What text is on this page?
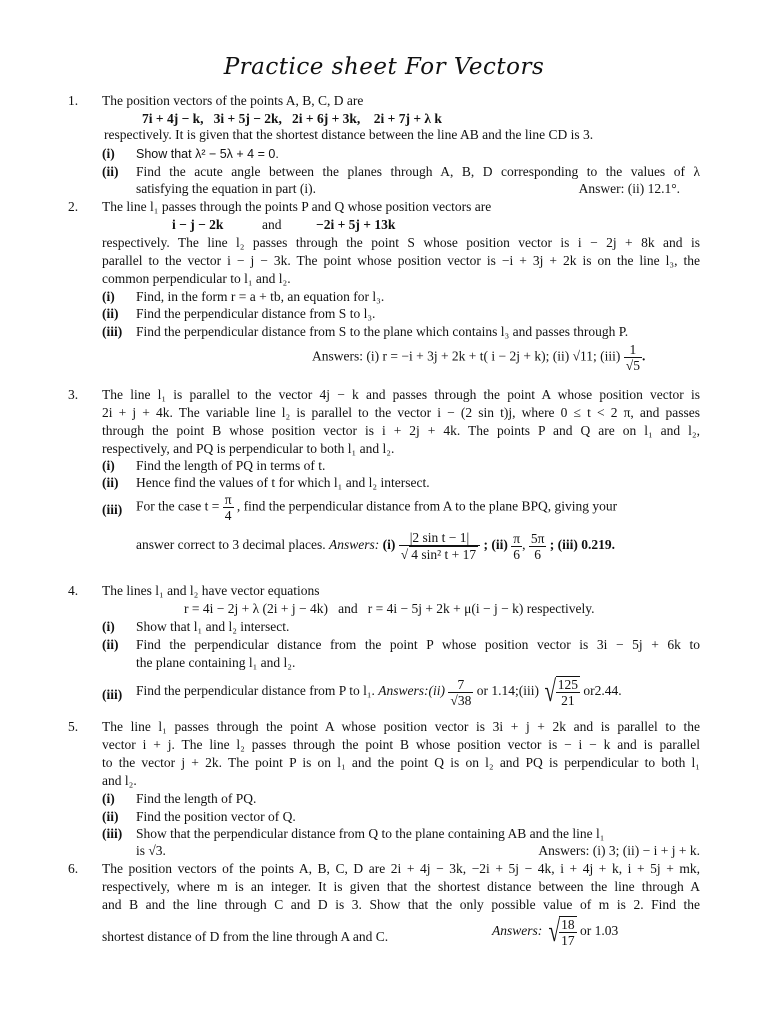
Practice sheet For Vectors
1. The position vectors of the points A, B, C, D are
7i + 4j − k,   3i + 5j − 2k,   2i + 6j + 3k,    2i + 7j + λ k
respectively. It is given that the shortest distance between the line AB and the line CD is 3.
(i) Show that λ² − 5λ + 4 = 0.
(ii) Find the acute angle between the planes through A, B, D corresponding to the values of λ
satisfying the equation in part (i).	Answer: (ii) 12.1°.
2. The line l₁ passes through the points P and Q whose position vectors are
i − j − 2k	and	−2i + 5j + 13k
respectively. The line l₂ passes through the point S whose position vector is i − 2j + 8k and is
parallel to the vector i − j − 3k. The point whose position vector is −i + 3j + 2k is on the line l₃, the
common perpendicular to l₁ and l₂.
(i) Find, in the form r = a + tb, an equation for l₃.
(ii) Find the perpendicular distance from S to l₃.
(iii) Find the perpendicular distance from S to the plane which contains l₃ and passes through P.
Answers: (i) r = −i + 3j + 2k + t( i − 2j + k); (ii) √11; $(iii) \frac{1}{√5}$ .
3. The line l₁ is parallel to the vector 4j − k and passes through the point A whose position vector is
2i + j + 4k. The variable line l₂ is parallel to the vector i − (2 sin t)j, where 0 ≤ t < 2 π, and passes
through the point B whose position vector is i + 2j + 4k. The points P and Q are on l₁ and l₂,
respectively, and PQ is perpendicular to both l₁ and l₂.
(i) Find the length of PQ in terms of t.
(ii) Hence find the values of t for which l₁ and l₂ intersect.
(iii) For the case $t = \frac{\pi}{4}$ , find the perpendicular distance from A to the plane BPQ, giving your
answer correct to 3 decimal places. Answers: $(i) \frac{\text{|2 sin t − 1|}}{\text{√ 4 sin² t + 17}}$ ; $(ii) \frac{\pi}{6}$ , $\frac{5\pi}{6}$ ; (iii) 0.219.
4. The lines l₁ and l₂ have vector equations
r = 4i − 2j + λ (2i + j − 4k)   and   r = 4i − 5j + 2k + μ(i − j − k) respectively.
(i) Show that l₁ and l₂ intersect.
(ii) Find the perpendicular distance from the point P whose position vector is 3i − 5j + 6k to
the plane containing l₁ and l₂.
(iii) Find the perpendicular distance from P to l₁. Answers:(ii) $\frac{7}{√38}$ or 1.14;(iii) √ $\frac{125}{21} or2.44$.
5. The line l₁ passes through the point A whose position vector is 3i + j + 2k and is parallel to the
vector i + j. The line l₂ passes through the point B whose position vector is − i − k and is parallel
to the vector j + 2k. The point P is on l₁ and the point Q is on l₂ and PQ is perpendicular to both l₁
and l₂.
(i) Find the length of PQ.
(ii) Find the position vector of Q.
(iii) Show that the perpendicular distance from Q to the plane containing AB and the line l₁
is √3.	Answers: (i) 3; (ii) − i + j + k.
6. The position vectors of the points A, B, C, D are 2i + 4j − 3k, −2i + 5j − 4k, i + 4j + k, i + 5j + mk,
respectively, where m is an integer. It is given that the shortest distance between the line through A
and B and the line through C and D is 3. Show that the only possible value of m is 2. Find the
shortest distance of D from the line through A and C.	Answers: √ $\frac{18}{17}$ or 1.03
